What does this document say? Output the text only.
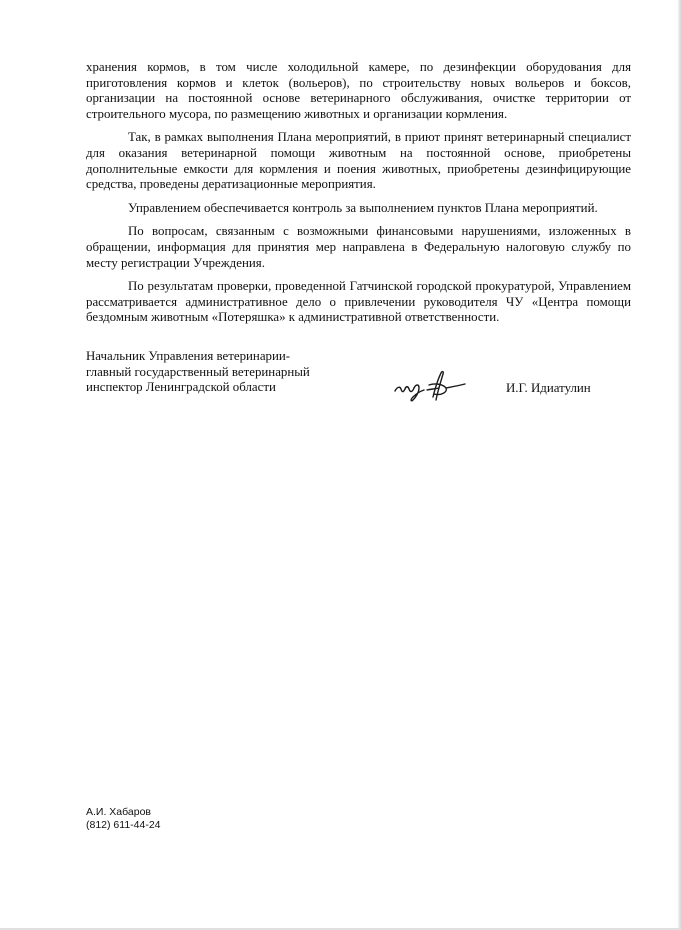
хранения кормов, в том числе холодильной камере, по дезинфекции оборудования для приготовления кормов и клеток (вольеров), по строительству новых вольеров и боксов, организации на постоянной основе ветеринарного обслуживания, очистке территории от строительного мусора, по размещению животных и организации кормления.

Так, в рамках выполнения Плана мероприятий, в приют принят ветеринарный специалист для оказания ветеринарной помощи животным на постоянной основе, приобретены дополнительные емкости для кормления и поения животных, приобретены дезинфицирующие средства, проведены дератизационные мероприятия.

Управлением обеспечивается контроль за выполнением пунктов Плана мероприятий.

По вопросам, связанным с возможными финансовыми нарушениями, изложенных в обращении, информация для принятия мер направлена в Федеральную налоговую службу по месту регистрации Учреждения.

По результатам проверки, проведенной Гатчинской городской прокуратурой, Управлением рассматривается административное дело о привлечении руководителя ЧУ «Центра помощи бездомным животным «Потеряшка» к административной ответственности.

Начальник Управления ветеринарии-
главный государственный ветеринарный
инспектор Ленинградской области	И.Г. Идиатулин
А.И. Хабаров
(812) 611-44-24
